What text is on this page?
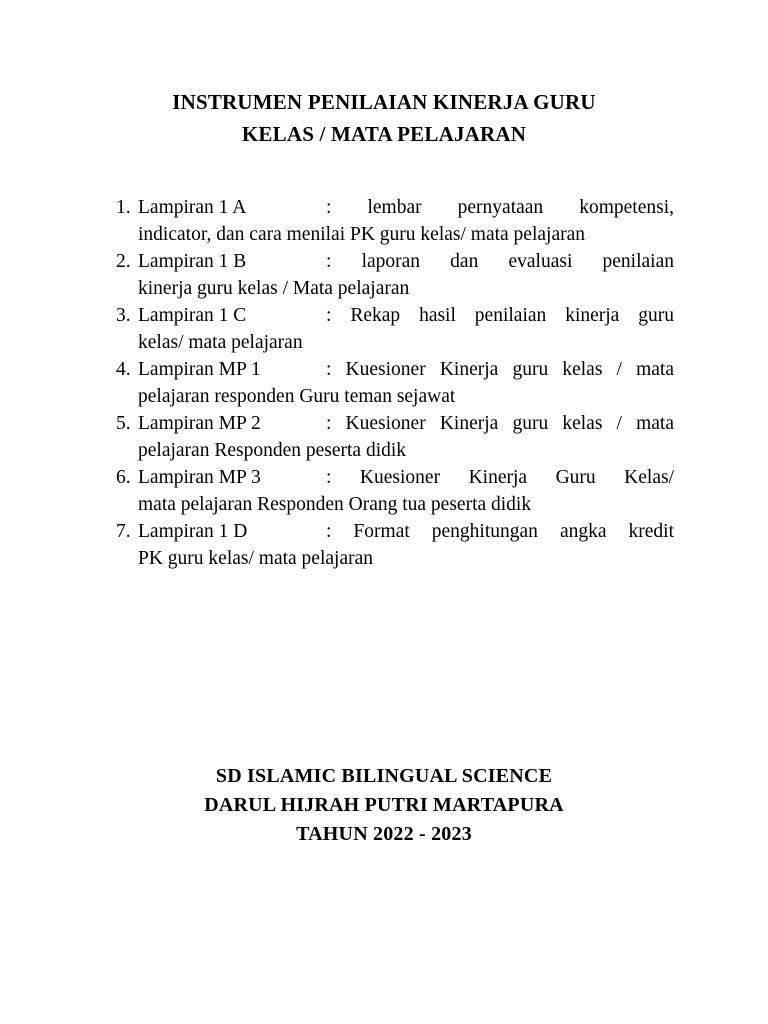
INSTRUMEN PENILAIAN KINERJA GURU
KELAS / MATA PELAJARAN
1. Lampiran 1 A	: lembar pernyataan kompetensi,
indicator, dan cara menilai PK guru kelas/ mata pelajaran
2. Lampiran 1 B	: laporan dan evaluasi penilaian
kinerja guru kelas / Mata pelajaran
3. Lampiran 1 C	: Rekap hasil penilaian kinerja guru
kelas/ mata pelajaran
4. Lampiran MP 1	: Kuesioner Kinerja guru kelas / mata
pelajaran responden Guru teman sejawat
5. Lampiran MP 2	: Kuesioner Kinerja guru kelas / mata
pelajaran Responden peserta didik
6. Lampiran MP 3	: Kuesioner Kinerja Guru Kelas/
mata pelajaran Responden Orang tua peserta didik
7. Lampiran 1 D	: Format penghitungan angka kredit
PK guru kelas/ mata pelajaran
SD ISLAMIC BILINGUAL SCIENCE
DARUL HIJRAH PUTRI MARTAPURA
TAHUN 2022 - 2023
